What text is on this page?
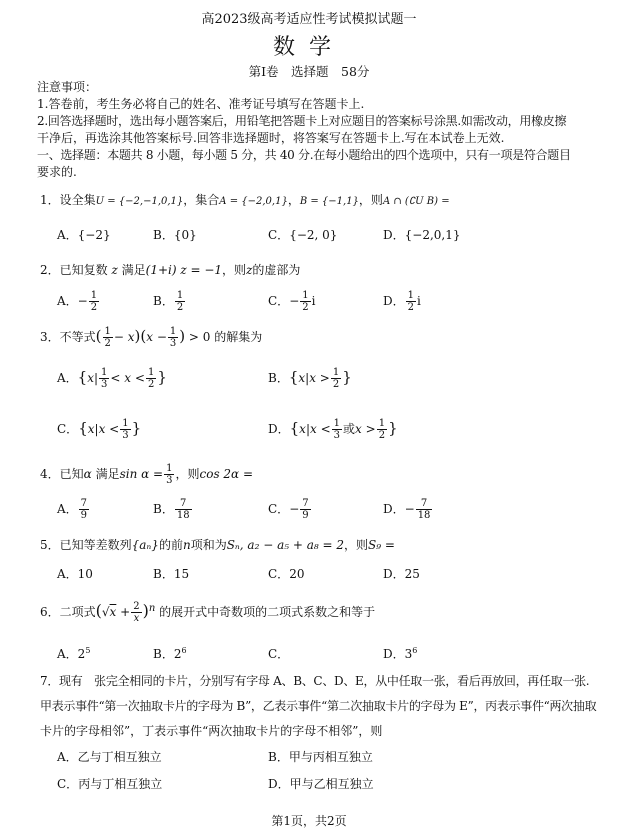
高2023级高考适应性考试模拟试题一
数学
第Ⅰ卷　选择题　58分
注意事项：
1.答卷前，考生务必将自己的姓名、准考证号填写在答题卡上.
2.回答选择题时，选出每小题答案后，用铅笔把答题卡上对应题目的答案标号涂黑.如需改动，用橡皮擦
干净后，再选涂其他答案标号.回答非选择题时，将答案写在答题卡上.写在本试卷上无效.
一、选择题：本题共 8 小题，每小题 5 分，共 40 分.在每小题给出的四个选项中，只有一项是符合题目
要求的.
1．设全集U = {−2,−1,0,1}，集合A = {−2,0,1}，B = {−1,1}，则A ∩ (∁U B) =
A．{−2}	B．{0}	C．{−2, 0}	D．{−2,0,1}
2．已知复数 z 满足(1+i) z = −1，则z的虚部为
A．− $\frac{1}{2}$	B． $\frac{1}{2}$	C．− $\frac{1}{2}$ i	D． $\frac{1}{2}$ i
3．不等式( $\frac{1}{2} - x)(x - \frac{1}{3}$ ) > 0 的解集为
A．{$x| \frac{1}{3} < x < \frac{1}{2}$ }	B．{$x|x > \frac{1}{2}$ }
C．{$x|x < \frac{1}{3}$ }	D．{$x|x < \frac{1}{3}$ 或$x > \frac{1}{2}$ }
4．已知α 满足$\sin \alpha = \frac{1}{3}$ ，则cos 2α =
A． $\frac{7}{9}$	B． $\frac{7}{18}$	C．− $\frac{7}{9}$	D．− $\frac{7}{18}$
5．已知等差数列{aₙ}的前n项和为Sₙ, a₂ − a₅ + a₈ = 2，则S₉ =
A．10	B．15	C．20	D．25
6．二项式$(√x + \frac{2}{x} )^n$ 的展开式中奇数项的二项式系数之和等于
A．$2^5$	B．$2^6$	C．	D．$3^6$
7．现有　张完全相同的卡片，分别写有字母 A、B、C、D、E，从中任取一张，看后再放回，再任取一张.
甲表示事件“第一次抽取卡片的字母为 B”，乙表示事件“第二次抽取卡片的字母为 E”，丙表示事件“两次抽取
卡片的字母相邻”，丁表示事件“两次抽取卡片的字母不相邻”，则
A．乙与丁相互独立	B．甲与丙相互独立
C．丙与丁相互独立	D．甲与乙相互独立
第1页，共2页
